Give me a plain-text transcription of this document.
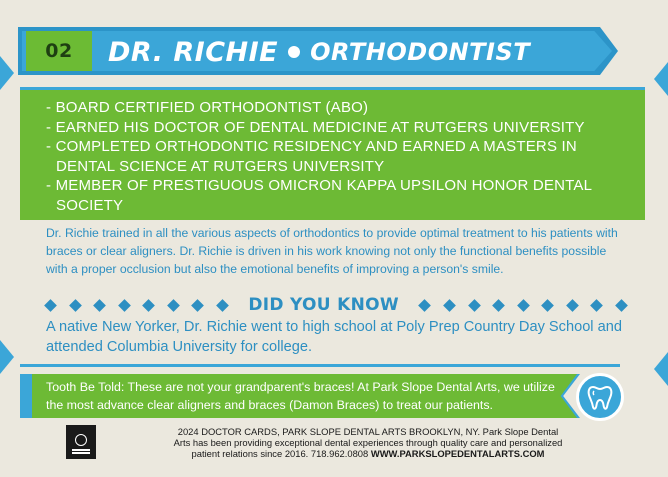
02 DR. RICHIE ORTHODONTIST
- BOARD CERTIFIED ORTHODONTIST (ABO)
- EARNED HIS DOCTOR OF DENTAL MEDICINE AT RUTGERS UNIVERSITY
- COMPLETED ORTHODONTIC RESIDENCY AND EARNED A MASTERS IN DENTAL SCIENCE AT RUTGERS UNIVERSITY
- MEMBER OF PRESTIGUOUS OMICRON KAPPA UPSILON HONOR DENTAL SOCIETY
Dr. Richie trained in all the various aspects of orthodontics to provide optimal treatment to his patients with braces or clear aligners. Dr. Richie is driven in his work knowing not only the functional benefits possible with a proper occlusion but also the emotional benefits of improving a person's smile.
DID YOU KNOW
A native New Yorker, Dr. Richie went to high school at Poly Prep Country Day School and attended Columbia University for college.
Tooth Be Told: These are not your grandparent's braces! At Park Slope Dental Arts, we utilize the most advance clear aligners and braces (Damon Braces) to treat our patients.
2024 DOCTOR CARDS, PARK SLOPE DENTAL ARTS BROOKLYN, NY. Park Slope Dental
Arts has been providing exceptional dental experiences through quality care and personalized
patient relations since 2016. 718.962.0808 WWW.PARKSLOPEDENTALARTS.COM
